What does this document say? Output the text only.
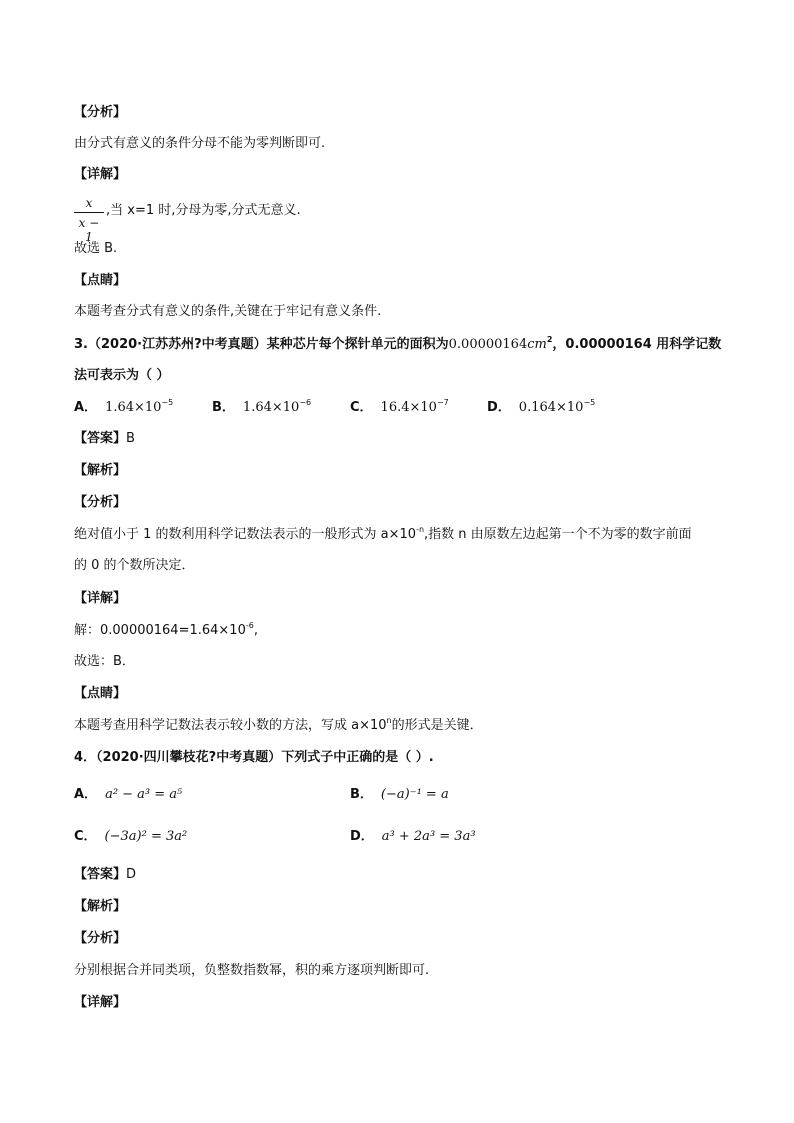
【分析】
由分式有意义的条件分母不能为零判断即可.
【详解】
x
x − 1
,当 x=1 时,分母为零,分式无意义.
故选 B.
【点睛】
本题考查分式有意义的条件,关键在于牢记有意义条件.
3.（2020·江苏苏州?中考真题）某种芯片每个探针单元的面积为$0.00000164cm^2$，0.00000164 用科学记数
法可表示为（ ）
A． $1.64\times 10^{-5}$	B． $1.64\times 10^{-6}$	C． $16.4\times 10^{-7}$	D． $0.164\times 10^{-5}$
【答案】B
【解析】
【分析】
绝对值小于 1 的数利用科学记数法表示的一般形式为 $a\times 10^{-n}$,指数 n 由原数左边起第一个不为零的数字前面
的 0 的个数所决定．
【详解】
解：$0.00000164=1.64\times 10^{-6}$,
故选：B．
【点睛】
本题考查用科学记数法表示较小数的方法，写成 $a\times 10^n$的形式是关键．
4．（2020·四川攀枝花?中考真题）下列式子中正确的是（ ）.
A． a² − a³ = a⁵	B． (−a)⁻¹ = a
C． (−3a)² = 3a²	D． a³ + 2a³ = 3a³
【答案】D
【解析】
【分析】
分别根据合并同类项，负整数指数幂，积的乘方逐项判断即可.
【详解】
